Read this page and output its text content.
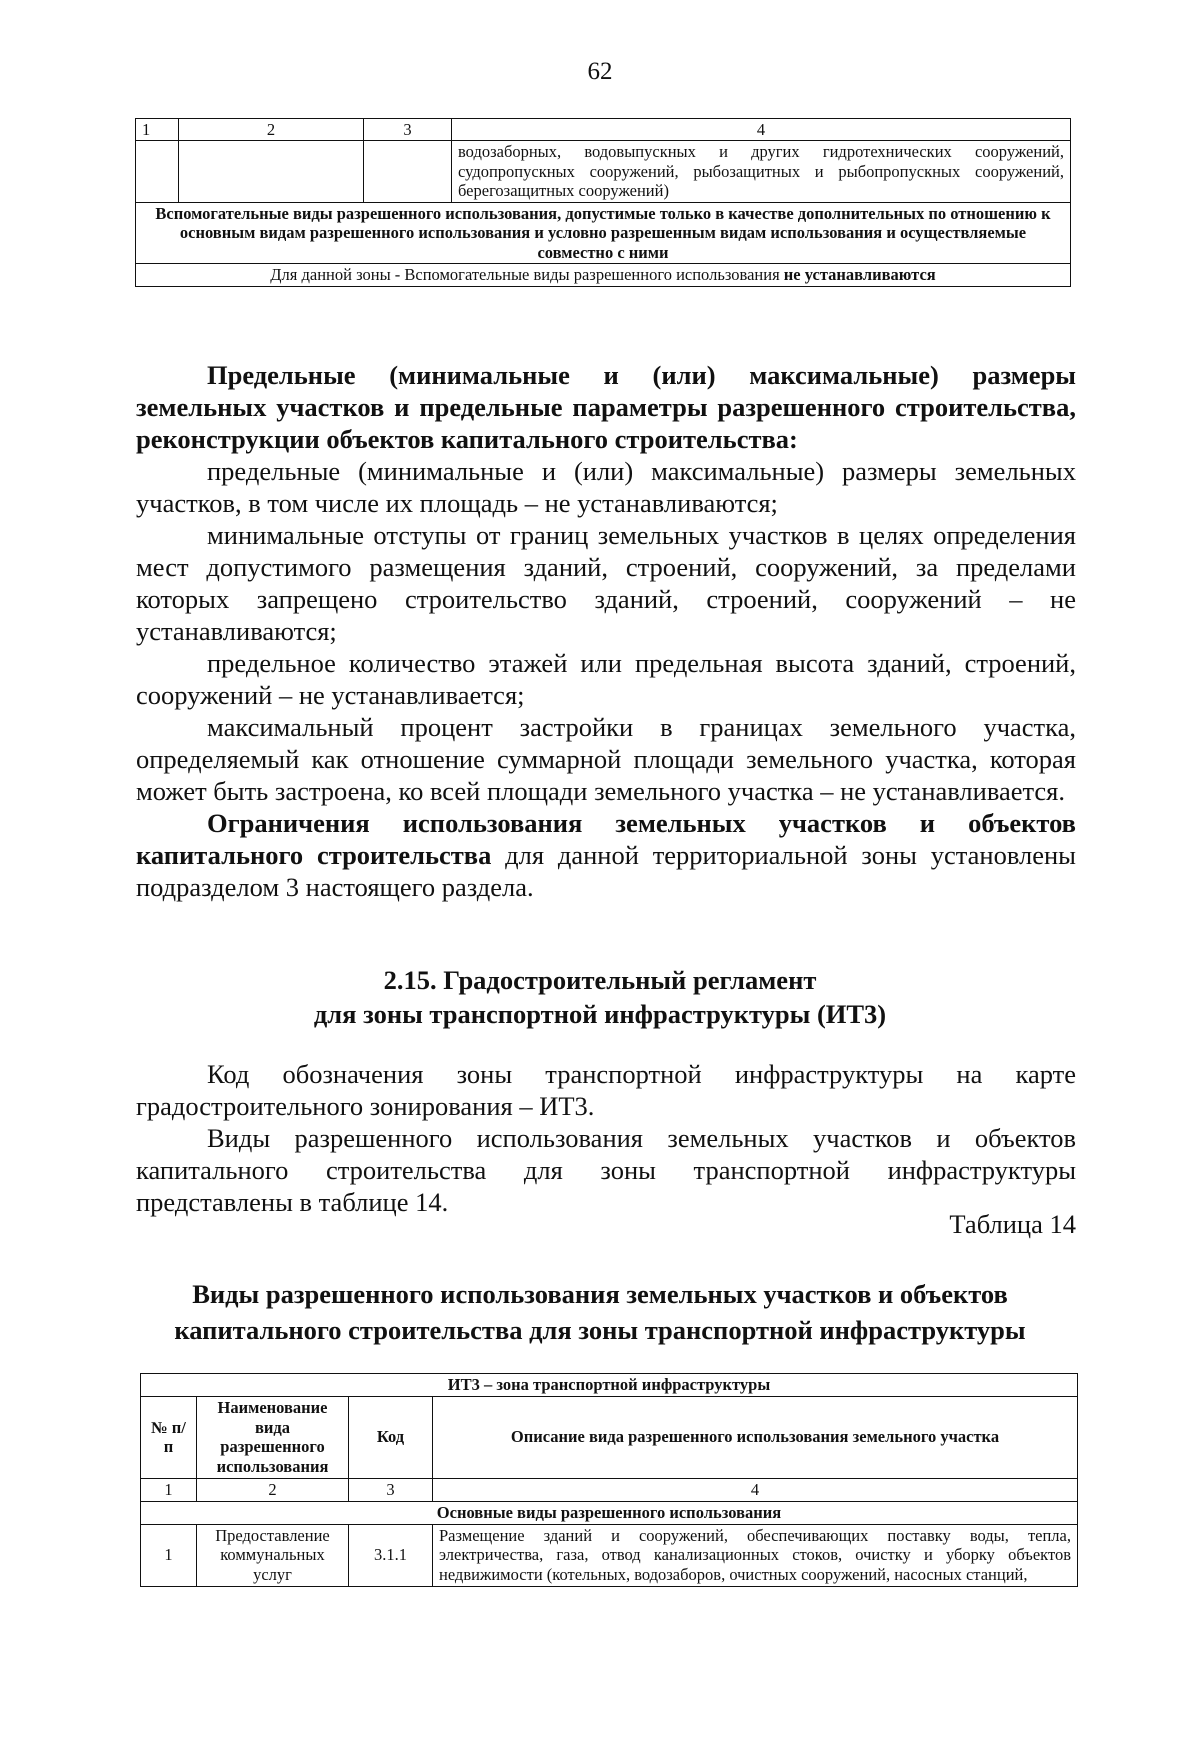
62
1	2	3	4
			водозаборных, водовыпускных и других гидротехнических сооружений, судопропускных сооружений, рыбозащитных и рыбопропускных сооружений, берегозащитных сооружений)
Вспомогательные виды разрешенного использования, допустимые только в качестве дополнительных по отношению к основным видам разрешенного использования и условно разрешенным видам использования и осуществляемые совместно с ними			
Для данной зоны - Вспомогательные виды разрешенного использования не устанавливаются			

Предельные (минимальные и (или) максимальные) размеры земельных участков и предельные параметры разрешенного строительства, реконструкции объектов капитального строительства:

предельные (минимальные и (или) максимальные) размеры земельных участков, в том числе их площадь – не устанавливаются;

минимальные отступы от границ земельных участков в целях определения мест допустимого размещения зданий, строений, сооружений, за пределами которых запрещено строительство зданий, строений, сооружений – не устанавливаются;

предельное количество этажей или предельная высота зданий, строений, сооружений – не устанавливается;

максимальный процент застройки в границах земельного участка, определяемый как отношение суммарной площади земельного участка, которая может быть застроена, ко всей площади земельного участка – не устанавливается.

Ограничения использования земельных участков и объектов капитального строительства для данной территориальной зоны установлены подразделом 3 настоящего раздела.

2.15. Градостроительный регламент
для зоны транспортной инфраструктуры (ИТ3)

Код обозначения зоны транспортной инфраструктуры на карте градостроительного зонирования – ИТ3.

Виды разрешенного использования земельных участков и объектов капитального строительства для зоны транспортной инфраструктуры представлены в таблице 14.

Таблица 14
Виды разрешенного использования земельных участков и объектов
капитального строительства для зоны транспортной инфраструктуры
ИТ3 – зона транспортной инфраструктуры			
№ п/п	Наименование вида разрешенного использования	Код	Описание вида разрешенного использования земельного участка
1	2	3	4
Основные виды разрешенного использования			
1	Предоставление коммунальных услуг	3.1.1	Размещение зданий и сооружений, обеспечивающих поставку воды, тепла, электричества, газа, отвод канализационных стоков, очистку и уборку объектов недвижимости (котельных, водозаборов, очистных сооружений, насосных станций,
